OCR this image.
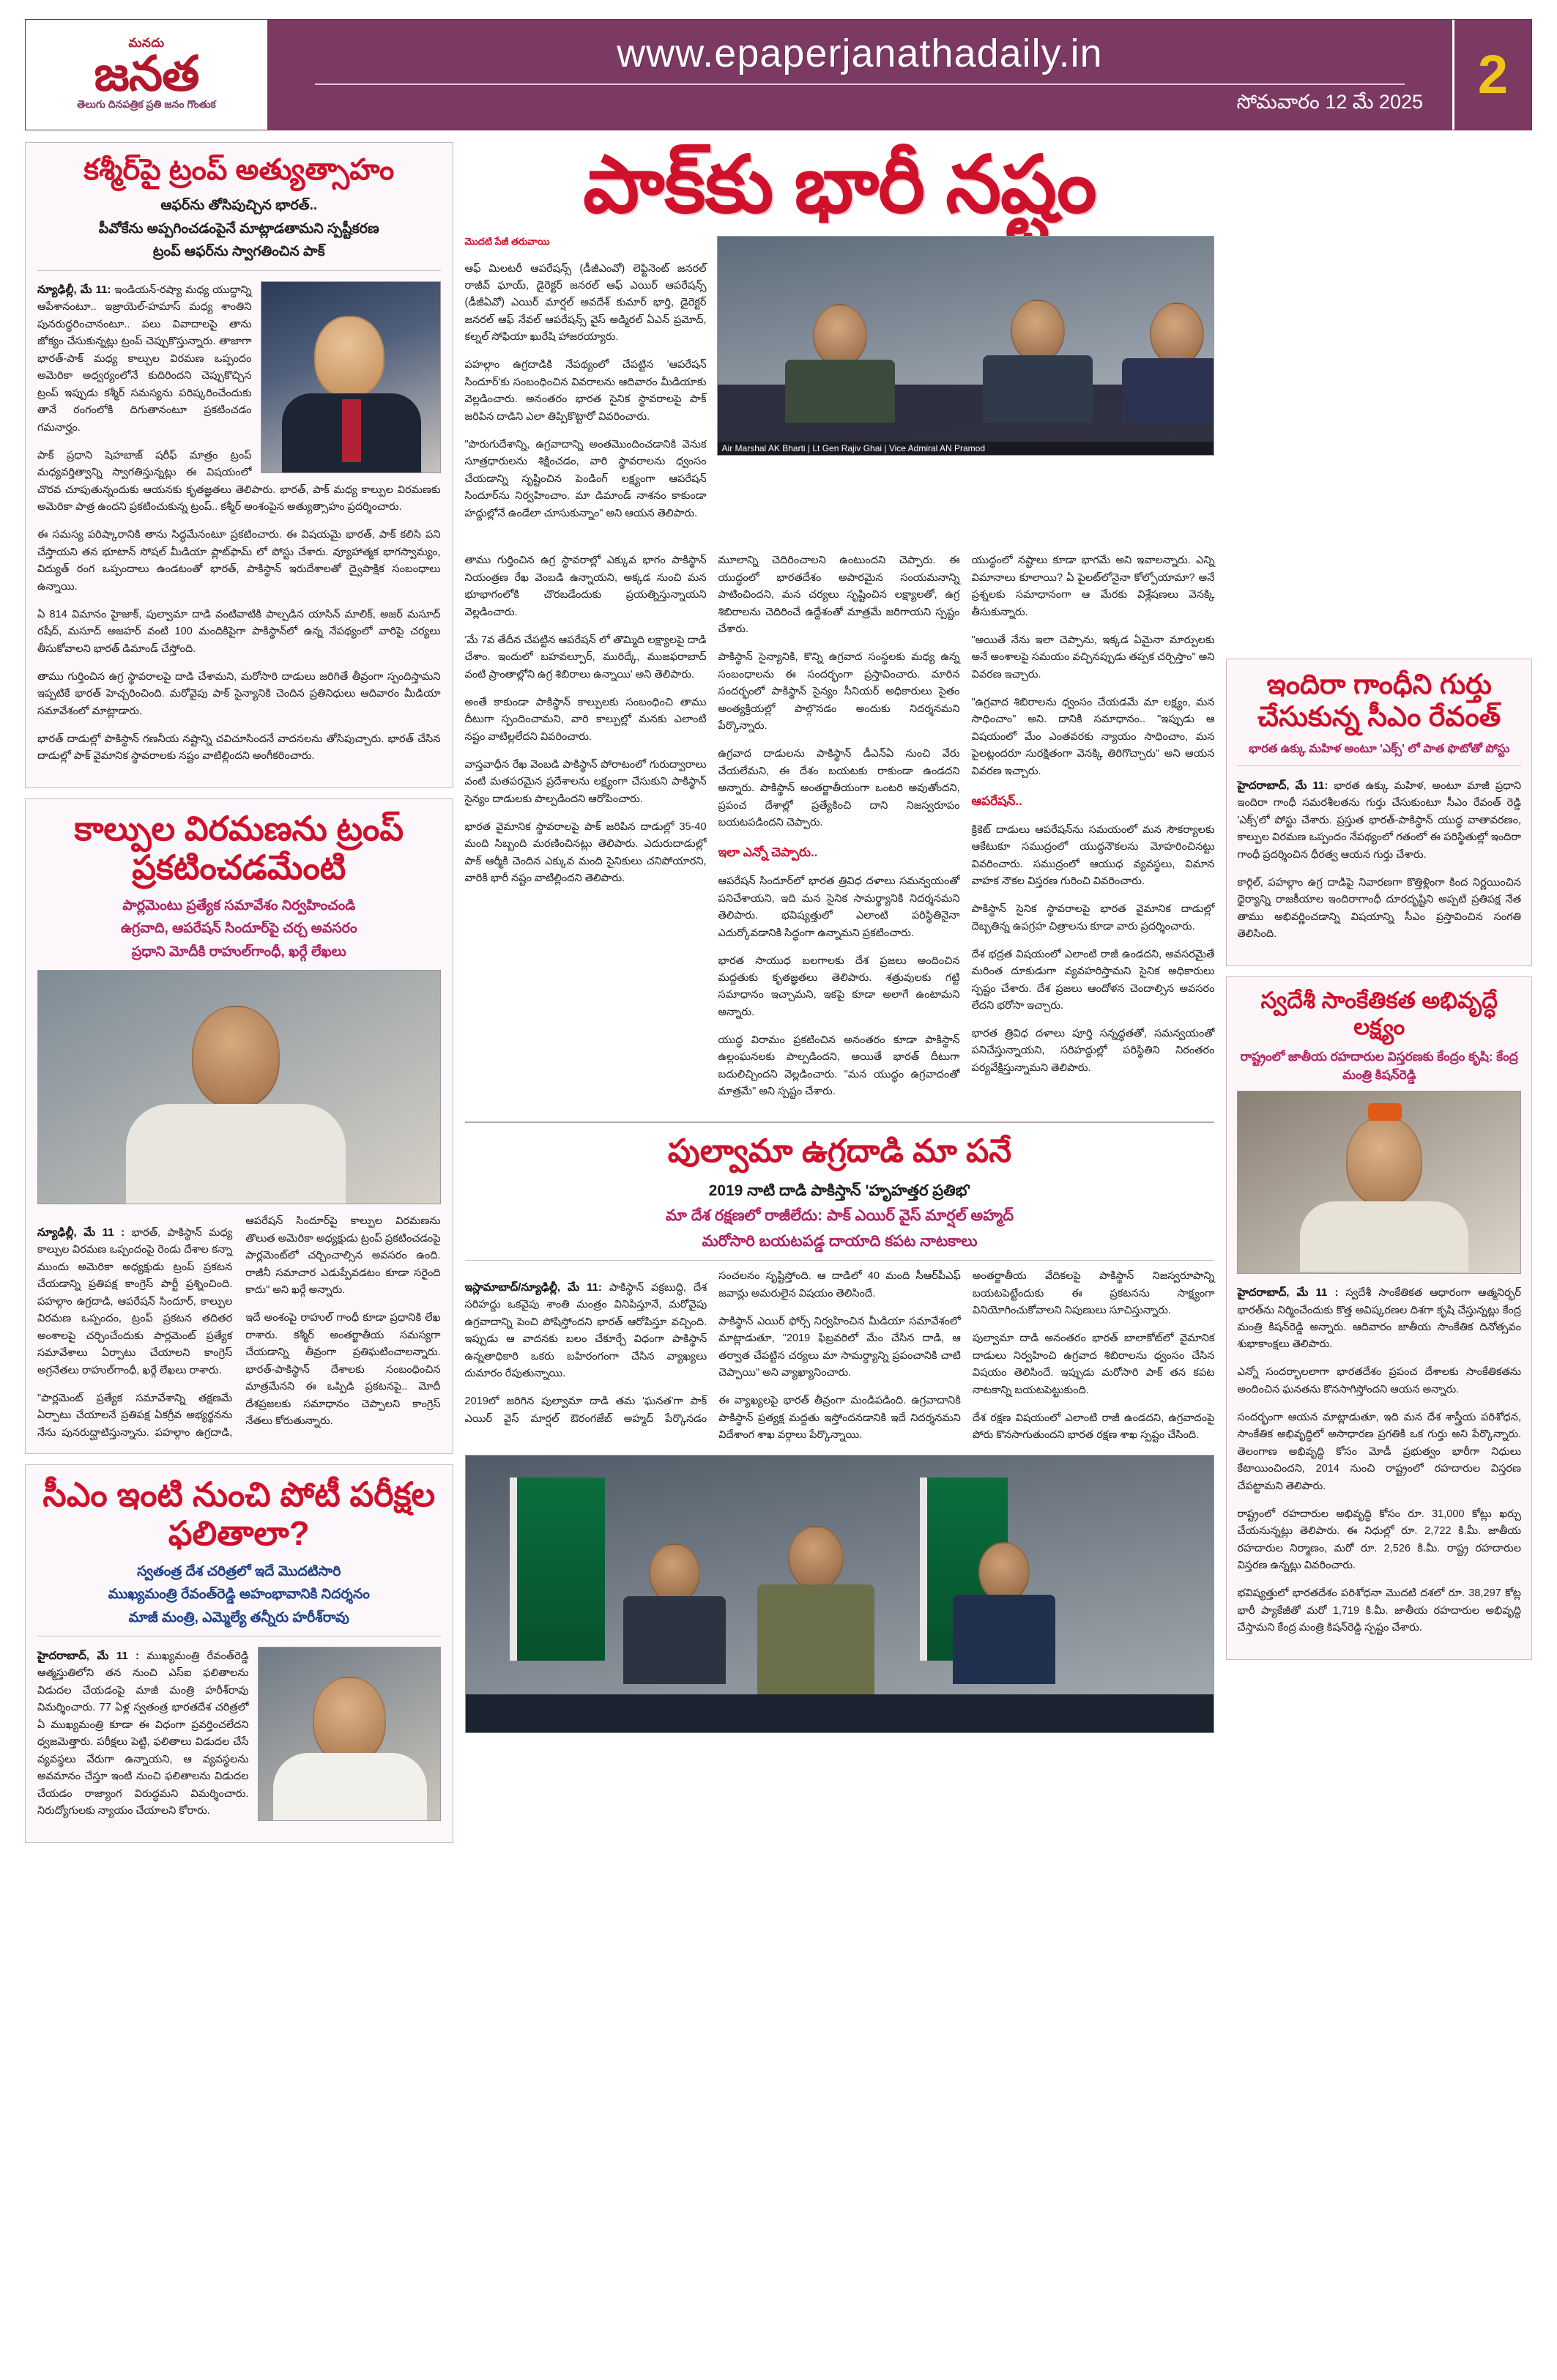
మనదు
జనత
తెలుగు దినపత్రిక ప్రతి జనం గొంతుక
www.epaperjanathadaily.in
సోమవారం 12 మే 2025 2
కశ్మీర్‌పై ట్రంప్ అత్యుత్సాహం
ఆఫర్‌ను తోసిపుచ్చిన భారత్..
పీవోకేను అప్పగించడంపైనే మాట్లాడతామని స్పష్టీకరణ
ట్రంప్ ఆఫర్‌ను స్వాగతించిన పాక్

న్యూఢిల్లీ, మే 11: ఇండియన్-రష్యా మధ్య యుద్ధాన్ని ఆపేశానంటూ.. ఇజ్రాయెల్-హమాస్ మధ్య శాంతిని పునరుద్ధరించానంటూ.. పలు వివాదాలపై తాను జోక్యం చేసుకున్నట్లు ట్రంప్ చెప్పుకొస్తున్నారు. తాజాగా భారత్-పాక్ మధ్య కాల్పుల విరమణ ఒప్పందం అమెరికా అధ్వర్యంలోనే కుదిరిందని చెప్పుకొచ్చిన ట్రంప్ ఇప్పుడు కశ్మీర్ సమస్యను పరిష్కరించేందుకు తానే రంగంలోకి దిగుతానంటూ ప్రకటించడం గమనార్హం.

పాక్ ప్రధాని షెహబాజ్ షరీఫ్ మాత్రం ట్రంప్ మధ్యవర్తిత్వాన్ని స్వాగతిస్తున్నట్లు ఈ విషయంలో చొరవ చూపుతున్నందుకు ఆయనకు కృతజ్ఞతలు తెలిపారు. భారత్, పాక్ మధ్య కాల్పుల విరమణకు అమెరికా పాత్ర ఉందని ప్రకటించుకున్న ట్రంప్.. కశ్మీర్ అంశంపైన అత్యుత్సాహం ప్రదర్శించారు.

ఈ సమస్య పరిష్కారానికి తాను సిద్ధమేనంటూ ప్రకటించారు. ఈ విషయమై భారత్, పాక్ కలిసి పని చేస్తాయని తన భూటాన్ సోషల్ మీడియా ప్లాట్‌ఫామ్ లో పోస్టు చేశారు. వ్యూహాత్మక భాగస్వామ్యం, విద్యుత్ రంగ ఒప్పందాలు ఉండటంతో భారత్, పాకిస్థాన్ ఇరుదేశాలతో ద్వైపాక్షిక సంబంధాలు ఉన్నాయి.

ఏ 814 విమానం హైజాక్, పుల్వామా దాడి వంటివాటికి పాల్పడిన యాసిన్ మాలిక్, అజర్ మసూద్ రషీద్, మసూద్ అజహర్ వంటి 100 మందికిపైగా పాకిస్థాన్‌లో ఉన్న నేపథ్యంలో వారిపై చర్యలు తీసుకోవాలని భారత్ డిమాండ్ చేస్తోంది.

తాము గుర్తించిన ఉగ్ర స్థావరాలపై దాడి చేశామని, మరోసారి దాడులు జరిగితే తీవ్రంగా స్పందిస్తామని ఇప్పటికే భారత్ హెచ్చరించింది. మరోవైపు పాక్ సైన్యానికి చెందిన ప్రతినిధులు ఆదివారం మీడియా సమావేశంలో మాట్లాడారు.

భారత్ దాడుల్లో పాకిస్థాన్ గణనీయ నష్టాన్ని చవిచూసిందనే వాదనలను తోసిపుచ్చారు. భారత్ చేసిన దాడుల్లో పాక్ వైమానిక స్థావరాలకు నష్టం వాటిల్లిందని అంగీకరించారు.

కాల్పుల విరమణను ట్రంప్ ప్రకటించడమేంటి
పార్లమెంటు ప్రత్యేక సమావేశం నిర్వహించండి
ఉగ్రవాది, ఆపరేషన్ సిందూర్‌పై చర్చ అవసరం
ప్రధాని మోదీకి రాహుల్‌గాంధీ, ఖర్గే లేఖలు

న్యూఢిల్లీ, మే 11 : భారత్, పాకిస్థాన్ మధ్య కాల్పుల విరమణ ఒప్పందంపై రెండు దేశాల కన్నా ముందు అమెరికా అధ్యక్షుడు ట్రంప్ ప్రకటన చేయడాన్ని ప్రతిపక్ష కాంగ్రెస్ పార్టీ ప్రశ్నించింది. పహల్గాం ఉగ్రదాడి, ఆపరేషన్ సిందూర్, కాల్పుల విరమణ ఒప్పందం, ట్రంప్ ప్రకటన తదితర అంశాలపై చర్చించేందుకు పార్లమెంట్ ప్రత్యేక సమావేశాలు ఏర్పాటు చేయాలని కాంగ్రెస్ అగ్రనేతలు రాహుల్‌గాంధీ, ఖర్గే లేఖలు రాశారు.

"పార్లమెంట్ ప్రత్యేక సమావేశాన్ని తక్షణమే ఏర్పాటు చేయాలనే ప్రతిపక్ష ఏకగ్రీవ అభ్యర్థనను నేను పునరుద్ఘాటిస్తున్నాను. పహల్గాం ఉగ్రదాడి, ఆపరేషన్ సిందూర్‌పై కాల్పుల విరమణను తొలుత అమెరికా అధ్యక్షుడు ట్రంప్ ప్రకటించడంపై పార్లమెంట్‌లో చర్చించాల్సిన అవసరం ఉంది. రాజీనీ సమాచార ఎడుప్పేవడటం కూడా సరైంది కాదు" అని ఖర్గే అన్నారు.

ఇదే అంశంపై రాహుల్ గాంధీ కూడా ప్రధానికి లేఖ రాశారు. కశ్మీర్ అంతర్జాతీయ సమస్యగా చేయడాన్ని తీవ్రంగా ప్రతిఘటించాలన్నారు. భారత్-పాకిస్థాన్ దేశాలకు సంబంధించిన మాత్రమేనని ఈ ఒప్పిడి ప్రకటనపై.. మోదీ దేశప్రజలకు సమాధానం చెప్పాలని కాంగ్రెస్ నేతలు కోరుతున్నారు.

సీఎం ఇంటి నుంచి పోటీ పరీక్షల ఫలితాలా?
స్వతంత్ర దేశ చరిత్రలో ఇదే మొదటిసారి
ముఖ్యమంత్రి రేవంత్‌రెడ్డి అహంభావానికి నిదర్శనం
మాజీ మంత్రి, ఎమ్మెల్యే తన్నీరు హరీశ్‌రావు

హైదరాబాద్, మే 11 : ముఖ్యమంత్రి రేవంత్‌రెడ్డి ఆత్మస్తుతిలోని తన నుంచి ఎస్‌ఐ ఫలితాలను విడుదల చేయడంపై మాజీ మంత్రి హరీశ్‌రావు విమర్శించారు. 77 ఏళ్ల స్వతంత్ర భారతదేశ చరిత్రలో ఏ ముఖ్యమంత్రి కూడా ఈ విధంగా ప్రవర్తించలేదని ధ్వజమెత్తారు. పరీక్షలు పెట్టి, ఫలితాలు విడుదల చేసే వ్యవస్థలు వేరుగా ఉన్నాయని, ఆ వ్యవస్థలను అవమానం చేస్తూ ఇంటి నుంచి ఫలితాలను విడుదల చేయడం రాజ్యాంగ విరుద్ధమని విమర్శించారు. నిరుద్యోగులకు న్యాయం చేయాలని కోరారు.

పాక్‌కు భారీ నష్టం
మొదటి పేజీ తరువాయి

ఆఫ్ మిలటరీ ఆపరేషన్స్ (డీజీఎంవో) లెఫ్టినెంట్ జనరల్ రాజీవ్ ఘాయ్, డైరెక్టర్ జనరల్ ఆఫ్ ఎయిర్ ఆపరేషన్స్ (డీజీఏవో) ఎయిర్ మార్షల్ అవదేశ్ కుమార్ భార్తి, డైరెక్టర్ జనరల్ ఆఫ్ నేవల్ ఆపరేషన్స్ వైస్ అడ్మిరల్ ఏఎన్ ప్రమోద్, కల్నల్ సోఫియా ఖురేషి హాజరయ్యారు.

పహల్గాం ఉగ్రదాడికి నేపథ్యంలో చేపట్టిన 'ఆపరేషన్ సిందూర్'కు సంబంధించిన వివరాలను ఆదివారం మీడియాకు వెల్లడించారు. అనంతరం భారత సైనిక స్థావరాలపై పాక్ జరిపిన దాడిని ఎలా తిప్పికొట్టారో వివరించారు.

"పొరుగుదేశాన్ని, ఉగ్రవాదాన్ని అంతమొందించడానికి వెనుక సూత్రధారులను శిక్షించడం, వారి స్థావరాలను ధ్వంసం చేయడాన్ని సృష్టించిన పెండింగ్ లక్ష్యంగా ఆపరేషన్ సిందూర్‌ను నిర్వహించాం. మా డిమాండ్ నాశనం కాకుండా హద్దుల్లోనే ఉండేలా చూసుకున్నాం" అని ఆయన తెలిపారు.

Air Marshal AK Bharti | Lt Gen Rajiv Ghai | Vice Admiral AN Pramod

తాము గుర్తించిన ఉగ్ర స్థావరాల్లో ఎక్కువ భాగం పాకిస్థాన్ నియంత్రణ రేఖ వెంబడి ఉన్నాయని, అక్కడ నుంచి మన భూభాగంలోకి చొరబడేందుకు ప్రయత్నిస్తున్నాయని వెల్లడించారు.

'మే 7వ తేదీన చేపట్టిన ఆపరేషన్ లో తొమ్మిది లక్ష్యాలపై దాడి చేశాం. ఇందులో బహవల్పూర్, మురిద్కే, ముజఫరాబాద్ వంటి ప్రాంతాల్లోని ఉగ్ర శిబిరాలు ఉన్నాయి' అని తెలిపారు.

అంతే కాకుండా పాకిస్థాన్ కాల్పులకు సంబంధించి తాము దీటుగా స్పందించామని, వారి కాల్పుల్లో మనకు ఎలాంటి నష్టం వాటిల్లలేదని వివరించారు.

వాస్తవాధీన రేఖ వెంబడి పాకిస్థాన్ పోరాటంలో గురుద్వారాలు వంటి మతపరమైన ప్రదేశాలను లక్ష్యంగా చేసుకుని పాకిస్థాన్ సైన్యం దాడులకు పాల్పడిందని ఆరోపించారు.

భారత వైమానిక స్థావరాలపై పాక్ జరిపిన దాడుల్లో 35-40 మంది సిబ్బంది మరణించినట్లు తెలిపారు. ఎదురుదాడుల్లో పాక్ ఆర్మీకి చెందిన ఎక్కువ మంది సైనికులు చనిపోయారని, వారికి భారీ నష్టం వాటిల్లిందని తెలిపారు.

మూలాన్ని చెదిరించాలని ఉంటుందని చెప్పారు. ఈ యుద్ధంలో భారతదేశం అపారమైన సంయమనాన్ని పాటించిందని, మన చర్యలు సృష్టించిన లక్ష్యాలతో, ఉగ్ర శిబిరాలను చెదిరించే ఉద్దేశంతో మాత్రమే జరిగాయని స్పష్టం చేశారు.

పాకిస్థాన్ సైన్యానికి, కొన్ని ఉగ్రవాద సంస్థలకు మధ్య ఉన్న సంబంధాలను ఈ సందర్భంగా ప్రస్తావించారు. మారిన సందర్భంలో పాకిస్థాన్ సైన్యం సీనియర్ అధికారులు సైతం అంత్యక్రియల్లో పాల్గొనడం అందుకు నిదర్శనమని పేర్కొన్నారు.

ఉగ్రవాద దాడులను పాకిస్థాన్ డీఎన్‌ఏ నుంచి వేరు చేయలేమని, ఈ దేశం బయటకు రాకుండా ఉండదని అన్నారు. పాకిస్థాన్ అంతర్జాతీయంగా ఒంటరి అవుతోందని, ప్రపంచ దేశాల్లో ప్రత్యేకించి దాని నిజస్వరూపం బయటపడిందని చెప్పారు.

ఇలా ఎన్నో చెప్పారు..

ఆపరేషన్ సిందూర్‌లో భారత త్రివిధ దళాలు సమన్వయంతో పనిచేశాయని, ఇది మన సైనిక సామర్థ్యానికి నిదర్శనమని తెలిపారు. భవిష్యత్తులో ఎలాంటి పరిస్థితినైనా ఎదుర్కోవడానికి సిద్ధంగా ఉన్నామని ప్రకటించారు.

భారత సాయుధ బలగాలకు దేశ ప్రజలు అందించిన మద్దతుకు కృతజ్ఞతలు తెలిపారు. శత్రువులకు గట్టి సమాధానం ఇచ్చామని, ఇకపై కూడా అలాగే ఉంటామని అన్నారు.

యుద్ధ విరామం ప్రకటించిన అనంతరం కూడా పాకిస్థాన్ ఉల్లంఘనలకు పాల్పడిందని, అయితే భారత్ దీటుగా బదులిచ్చిందని వెల్లడించారు. "మన యుద్ధం ఉగ్రవాదంతో మాత్రమే" అని స్పష్టం చేశారు.

యుద్ధంలో నష్టాలు కూడా భాగమే అని ఇవాలన్నారు. ఎన్ని విమానాలు కూలాయి? ఏ పైలట్‌లోనైనా కోల్పోయామా? అనే ప్రశ్నలకు సమాధానంగా ఆ మేరకు విశ్లేషణలు వెనక్కి తీసుకున్నారు.

"అయితే నేను ఇలా చెప్పాను, ఇక్కడ ఏమైనా మార్పులకు అనే అంశాలపై సమయం వచ్చినప్పుడు తప్పక చర్చిస్తాం" అని వివరణ ఇచ్చారు.

"ఉగ్రవాద శిబిరాలను ధ్వంసం చేయడమే మా లక్ష్యం, మన సాధించాం" అని. దానికి సమాధానం.. "ఇప్పుడు ఆ విషయంలో మేం ఎంతవరకు న్యాయం సాధించాం, మన పైలట్లందరూ సురక్షితంగా వెనక్కి తిరిగొచ్చారు" అని ఆయన వివరణ ఇచ్చారు.

ఆపరేషన్..

క్రికెట్ దాడులు ఆపరేషన్‌ను సమయంలో మన సౌకర్యాలకు ఆకేటుకూ సముద్రంలో యుద్ధనౌకలను మోహరించినట్టు వివరించారు. సముద్రంలో ఆయుధ వ్యవస్థలు, విమాన వాహక నౌకల విస్తరణ గురించి వివరించారు.

పాకిస్థాన్ సైనిక స్థావరాలపై భారత వైమానిక దాడుల్లో దెబ్బతిన్న ఉపగ్రహ చిత్రాలను కూడా వారు ప్రదర్శించారు.

దేశ భద్రత విషయంలో ఎలాంటి రాజీ ఉండదని, అవసరమైతే మరింత దూకుడుగా వ్యవహరిస్తామని సైనిక అధికారులు స్పష్టం చేశారు. దేశ ప్రజలు ఆందోళన చెందాల్సిన అవసరం లేదని భరోసా ఇచ్చారు.

భారత త్రివిధ దళాలు పూర్తి సన్నద్ధతతో, సమన్వయంతో పనిచేస్తున్నాయని, సరిహద్దుల్లో పరిస్థితిని నిరంతరం పర్యవేక్షిస్తున్నామని తెలిపారు.

పుల్వామా ఉగ్రదాడి మా పనే
2019 నాటి దాడి పాకిస్తాన్ 'హృహత్తర ప్రతిభ'
మా దేశ రక్షణలో రాజీలేదు: పాక్ ఎయిర్ వైస్ మార్షల్ అహ్మద్
మరోసారి బయటపడ్డ దాయాది కపట నాటకాలు

ఇస్లామాబాద్/న్యూఢిల్లీ, మే 11: పాకిస్థాన్ వక్రబుద్ధి, దేశ సరిహద్దు ఒకవైపు శాంతి మంత్రం వినిపిస్తూనే, మరోవైపు ఉగ్రవాదాన్ని పెంచి పోషిస్తోందని భారత్ ఆరోపిస్తూ వచ్చింది. ఇప్పుడు ఆ వాదనకు బలం చేకూర్చే విధంగా పాకిస్థాన్ ఉన్నతాధికారి ఒకరు బహిరంగంగా చేసిన వ్యాఖ్యలు దుమారం రేపుతున్నాయి.

2019లో జరిగిన పుల్వామా దాడి తమ 'ఘనత'గా పాక్ ఎయిర్ వైస్ మార్షల్ ఔరంగజేబ్ అహ్మద్ పేర్కొనడం సంచలనం సృష్టిస్తోంది. ఆ దాడిలో 40 మంది సీఆర్‌పీఎఫ్ జవాన్లు అమరులైన విషయం తెలిసిందే.

పాకిస్థాన్ ఎయిర్ ఫోర్స్ నిర్వహించిన మీడియా సమావేశంలో మాట్లాడుతూ, "2019 ఫిబ్రవరిలో మేం చేసిన దాడి, ఆ తర్వాత చేపట్టిన చర్యలు మా సామర్థ్యాన్ని ప్రపంచానికి చాటి చెప్పాయి" అని వ్యాఖ్యానించారు.

ఈ వ్యాఖ్యలపై భారత్ తీవ్రంగా మండిపడింది. ఉగ్రవాదానికి పాకిస్థాన్ ప్రత్యక్ష మద్దతు ఇస్తోందనడానికి ఇదే నిదర్శనమని విదేశాంగ శాఖ వర్గాలు పేర్కొన్నాయి.

అంతర్జాతీయ వేదికలపై పాకిస్థాన్ నిజస్వరూపాన్ని బయటపెట్టేందుకు ఈ ప్రకటనను సాక్ష్యంగా వినియోగించుకోవాలని నిపుణులు సూచిస్తున్నారు.

పుల్వామా దాడి అనంతరం భారత్ బాలాకోట్‌లో వైమానిక దాడులు నిర్వహించి ఉగ్రవాద శిబిరాలను ధ్వంసం చేసిన విషయం తెలిసిందే. ఇప్పుడు మరోసారి పాక్ తన కపట నాటకాన్ని బయటపెట్టుకుంది.

దేశ రక్షణ విషయంలో ఎలాంటి రాజీ ఉండదని, ఉగ్రవాదంపై పోరు కొనసాగుతుందని భారత రక్షణ శాఖ స్పష్టం చేసింది.

ఇందిరా గాంధీని గుర్తు చేసుకున్న సీఎం రేవంత్
భారత ఉక్కు మహిళ అంటూ 'ఎక్స్' లో పాత ఫొటోతో పోస్టు

హైదరాబాద్, మే 11: భారత ఉక్కు మహిళ, అంటూ మాజీ ప్రధాని ఇందిరా గాంధీ సమరశీలతను గుర్తు చేసుకుంటూ సీఎం రేవంత్ రెడ్డి 'ఎక్స్'లో పోస్టు చేశారు. ప్రస్తుత భారత్-పాకిస్థాన్ యుద్ధ వాతావరణం, కాల్పుల విరమణ ఒప్పందం నేపథ్యంలో గతంలో ఈ పరిస్థితుల్లో ఇందిరా గాంధీ ప్రదర్శించిన ధీరత్వ ఆయన గుర్తు చేశారు.

కార్గిల్, పహల్గాం ఉగ్ర దాడిపై నివారణగా కొత్తిళ్లింగా కింద నిర్ణయించిన ధైర్యాన్ని రాజకీయాల ఇందిరాగాంధీ దూరదృష్టిని అప్పటి ప్రతిపక్ష నేత తాము అభివర్ణించడాన్ని విషయాన్ని సీఎం ప్రస్తావించిన సంగతి తెలిసింది.

స్వదేశీ సాంకేతికత అభివృద్ధే లక్ష్యం
రాష్ట్రంలో జాతీయ రహదారుల విస్తరణకు కేంద్రం కృషి: కేంద్ర మంత్రి కిషన్‌రెడ్డి

హైదరాబాద్, మే 11 : స్వదేశీ సాంకేతికత ఆధారంగా ఆత్మనిర్భర్ భారత్‌ను నిర్మించేందుకు కొత్త అవిష్కరణల దిశగా కృషి చేస్తున్నట్లు కేంద్ర మంత్రి కిషన్‌రెడ్డి అన్నారు. ఆదివారం జాతీయ సాంకేతిక దినోత్సవం శుభాకాంక్షలు తెలిపారు.

ఎన్నో సందర్భాలలాగా భారతదేశం ప్రపంచ దేశాలకు సాంకేతికతను అందించిన ఘనతను కొనసాగిస్తోందని ఆయన అన్నారు.

సందర్భంగా ఆయన మాట్లాడుతూ, ఇది మన దేశ శాస్త్రీయ పరిశోధన, సాంకేతిక అభివృద్ధిలో అసాధారణ ప్రగతికి ఒక గుర్తు అని పేర్కొన్నారు. తెలంగాణ అభివృద్ధి కోసం మోడీ ప్రభుత్వం భారీగా నిధులు కేటాయించిందని, 2014 నుంచి రాష్ట్రంలో రహదారుల విస్తరణ చేపట్టామని తెలిపారు.

రాష్ట్రంలో రహదారుల అభివృద్ధి కోసం రూ. 31,000 కోట్లు ఖర్చు చేయనున్నట్లు తెలిపారు. ఈ నిధుల్లో రూ. 2,722 కి.మీ. జాతీయ రహదారుల నిర్మాణం, మరో రూ. 2,526 కి.మీ. రాష్ట్ర రహదారుల విస్తరణ ఉన్నట్లు వివరించారు.

భవిష్యత్తులో భారతదేశం పరిశోధనా మెుదటి దశలో రూ. 38,297 కోట్ల భారీ ప్యాకేజీతో మరో 1,719 కి.మీ. జాతీయ రహదారుల అభివృద్ధి చేస్తామని కేంద్ర మంత్రి కిషన్‌రెడ్డి స్పష్టం చేశారు.
